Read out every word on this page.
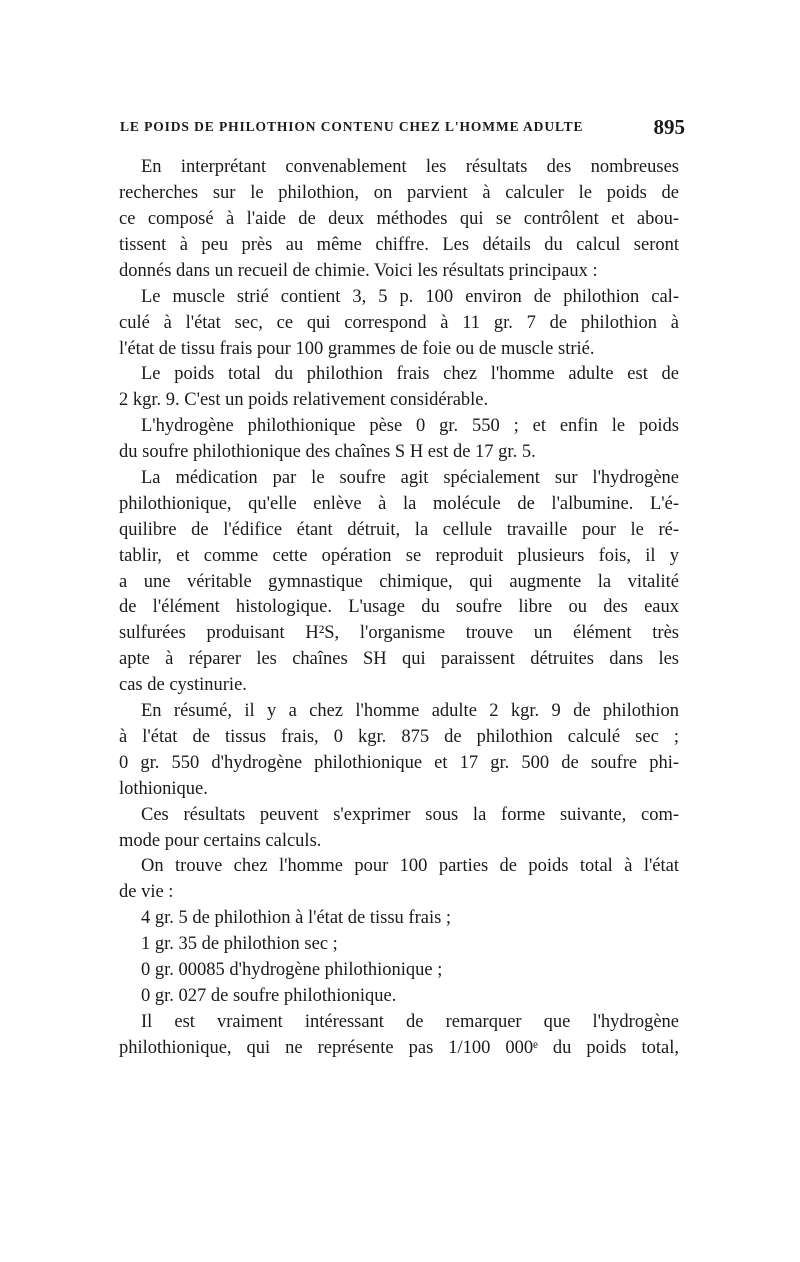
LE POIDS DE PHILOTHION CONTENU CHEZ L'HOMME ADULTE	895
En interprétant convenablement les résultats des nombreuses
recherches sur le philothion, on parvient à calculer le poids de
ce composé à l'aide de deux méthodes qui se contrôlent et abou-
tissent à peu près au même chiffre. Les détails du calcul seront
donnés dans un recueil de chimie. Voici les résultats principaux :
Le muscle strié contient 3, 5 p. 100 environ de philothion cal-
culé à l'état sec, ce qui correspond à 11 gr. 7 de philothion à
l'état de tissu frais pour 100 grammes de foie ou de muscle strié.
Le poids total du philothion frais chez l'homme adulte est de
2 kgr. 9. C'est un poids relativement considérable.
L'hydrogène philothionique pèse 0 gr. 550 ; et enfin le poids
du soufre philothionique des chaînes S H est de 17 gr. 5.
La médication par le soufre agit spécialement sur l'hydrogène
philothionique, qu'elle enlève à la molécule de l'albumine. L'é-
quilibre de l'édifice étant détruit, la cellule travaille pour le ré-
tablir, et comme cette opération se reproduit plusieurs fois, il y
a une véritable gymnastique chimique, qui augmente la vitalité
de l'élément histologique. L'usage du soufre libre ou des eaux
sulfurées produisant H²S, l'organisme trouve un élément très
apte à réparer les chaînes SH qui paraissent détruites dans les
cas de cystinurie.
En résumé, il y a chez l'homme adulte 2 kgr. 9 de philothion
à l'état de tissus frais, 0 kgr. 875 de philothion calculé sec ;
0 gr. 550 d'hydrogène philothionique et 17 gr. 500 de soufre phi-
lothionique.
Ces résultats peuvent s'exprimer sous la forme suivante, com-
mode pour certains calculs.
On trouve chez l'homme pour 100 parties de poids total à l'état
de vie :
4 gr. 5 de philothion à l'état de tissu frais ;
1 gr. 35 de philothion sec ;
0 gr. 00085 d'hydrogène philothionique ;
0 gr. 027 de soufre philothionique.
Il est vraiment intéressant de remarquer que l'hydrogène
philothionique, qui ne représente pas 1/100 000ᵉ du poids total,
